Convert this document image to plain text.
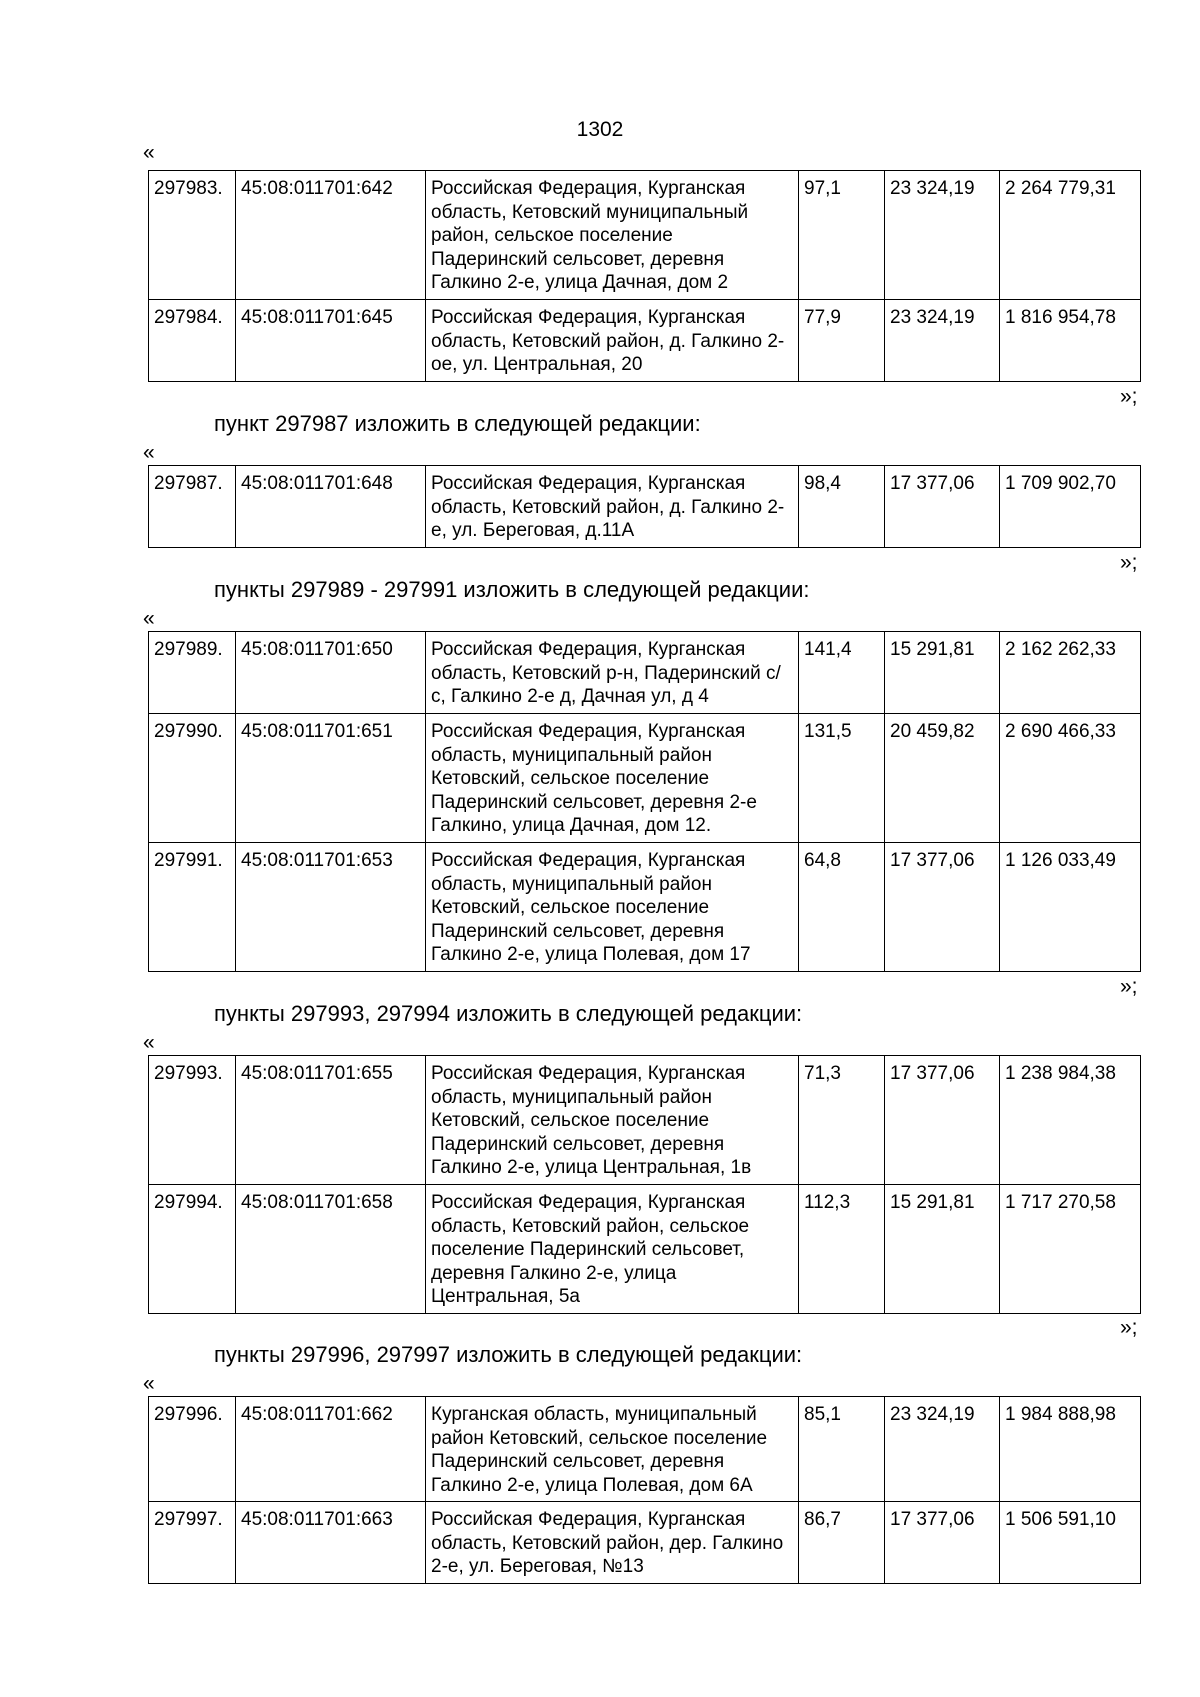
1302
«
297983.	45:08:011701:642	Российская Федерация, Курганская область, Кетовский муниципальный район, сельское поселение Падеринский сельсовет, деревня Галкино 2-е, улица Дачная, дом 2	97,1	23 324,19	2 264 779,31
297984.	45:08:011701:645	Российская Федерация, Курганская область, Кетовский район, д. Галкино 2-ое, ул. Центральная, 20	77,9	23 324,19	1 816 954,78
»;
пункт 297987 изложить в следующей редакции:
«
297987.	45:08:011701:648	Российская Федерация, Курганская область, Кетовский район, д. Галкино 2-е, ул. Береговая, д.11А	98,4	17 377,06	1 709 902,70
»;
пункты 297989 - 297991 изложить в следующей редакции:
«
297989.	45:08:011701:650	Российская Федерация, Курганская область, Кетовский р-н, Падеринский с/с, Галкино 2-е д, Дачная ул, д 4	141,4	15 291,81	2 162 262,33
297990.	45:08:011701:651	Российская Федерация, Курганская область, муниципальный район Кетовский, сельское поселение Падеринский сельсовет, деревня 2-е Галкино, улица Дачная, дом 12.	131,5	20 459,82	2 690 466,33
297991.	45:08:011701:653	Российская Федерация, Курганская область, муниципальный район Кетовский, сельское поселение Падеринский сельсовет, деревня Галкино 2-е, улица Полевая, дом 17	64,8	17 377,06	1 126 033,49
»;
пункты 297993, 297994 изложить в следующей редакции:
«
297993.	45:08:011701:655	Российская Федерация, Курганская область, муниципальный район Кетовский, сельское поселение Падеринский сельсовет, деревня Галкино 2-е, улица Центральная, 1в	71,3	17 377,06	1 238 984,38
297994.	45:08:011701:658	Российская Федерация, Курганская область, Кетовский район, сельское поселение Падеринский сельсовет, деревня Галкино 2-е, улица Центральная, 5а	112,3	15 291,81	1 717 270,58
»;
пункты 297996, 297997 изложить в следующей редакции:
«
297996.	45:08:011701:662	Курганская область, муниципальный район Кетовский, сельское поселение Падеринский сельсовет, деревня Галкино 2-е, улица Полевая, дом 6А	85,1	23 324,19	1 984 888,98
297997.	45:08:011701:663	Российская Федерация, Курганская область, Кетовский район, дер. Галкино 2-е, ул. Береговая, №13	86,7	17 377,06	1 506 591,10
